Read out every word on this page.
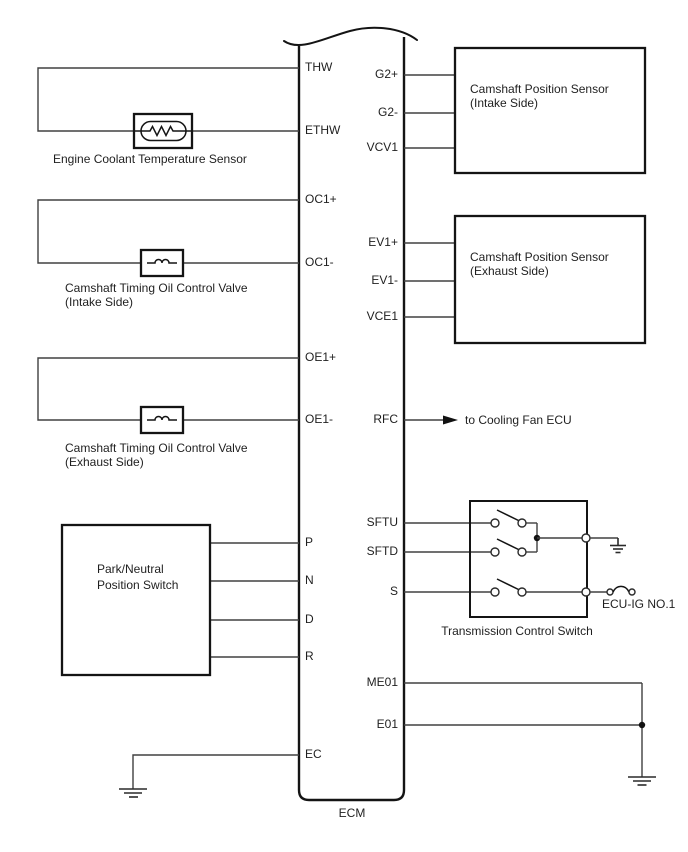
ECM
Engine Coolant Temperature Sensor
Camshaft Timing Oil Control Valve
(Intake Side)
Camshaft Timing Oil Control Valve
(Exhaust Side)
Park/Neutral
Position Switch
Camshaft Position Sensor
(Intake Side)
Camshaft Position Sensor
(Exhaust Side)
to Cooling Fan ECU
ECU-IG NO.1
Transmission Control Switch
THW
ETHW
OC1+
OC1-
OE1+
OE1-
P
N
D
R
EC
G2+
G2-
VCV1
EV1+
EV1-
VCE1
RFC
SFTU
SFTD
S
ME01
E01
